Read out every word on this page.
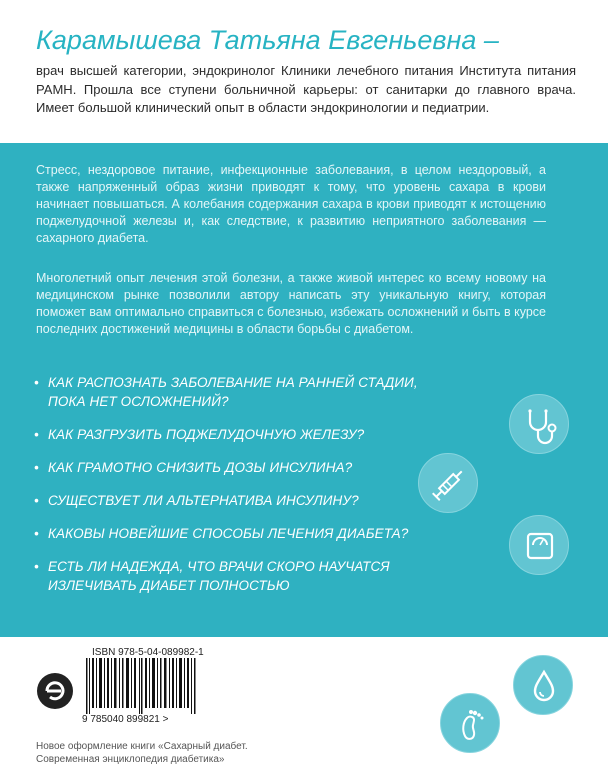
Карамышева Татьяна Евгеньевна –
врач высшей категории, эндокринолог Клиники лечебного питания Института питания РАМН. Прошла все ступени больничной карьеры: от санитарки до главного врача. Имеет большой клинический опыт в области эндокринологии и педиатрии.
Стресс, нездоровое питание, инфекционные заболевания, в целом нездоровый, а также напряженный образ жизни приводят к тому, что уровень сахара в крови начинает повышаться. А колебания содержания сахара в крови приводят к истощению поджелудочной железы и, как следствие, к развитию неприятного заболевания — сахарного диабета.
Многолетний опыт лечения этой болезни, а также живой интерес ко всему новому на медицинском рынке позволили автору написать эту уникальную книгу, которая поможет вам оптимально справиться с болезнью, избежать осложнений и быть в курсе последних достижений медицины в области борьбы с диабетом.
• КАК РАСПОЗНАТЬ ЗАБОЛЕВАНИЕ НА РАННЕЙ СТАДИИ,
ПОКА НЕТ ОСЛОЖНЕНИЙ?
• КАК РАЗГРУЗИТЬ ПОДЖЕЛУДОЧНУЮ ЖЕЛЕЗУ?
• КАК ГРАМОТНО СНИЗИТЬ ДОЗЫ ИНСУЛИНА?
• СУЩЕСТВУЕТ ЛИ АЛЬТЕРНАТИВА ИНСУЛИНУ?
• КАКОВЫ НОВЕЙШИЕ СПОСОБЫ ЛЕЧЕНИЯ ДИАБЕТА?
• ЕСТЬ ЛИ НАДЕЖДА, ЧТО ВРАЧИ СКОРО НАУЧАТСЯ
ИЗЛЕЧИВАТЬ ДИАБЕТ ПОЛНОСТЬЮ
ISBN 978-5-04-089982-1
9 785040 899821 >
Новое оформление книги «Сахарный диабет.
Современная энциклопедия диабетика»
